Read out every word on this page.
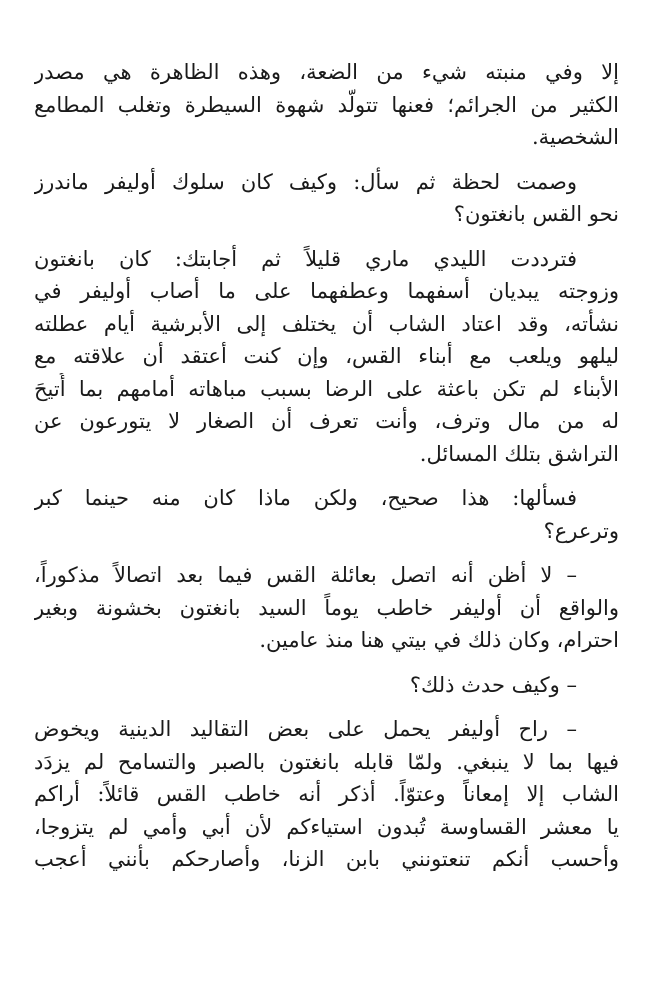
إلا وفي منبته شيء من الضعة، وهذه الظاهرة هي مصدر
الكثير من الجرائم؛ فعنها تتولّد شهوة السيطرة وتغلب المطامع
الشخصية.
وصمت لحظة ثم سأل: وكيف كان سلوك أوليفر ماندرز
نحو القس بانغتون؟
فترددت الليدي ماري قليلاً ثم أجابتك: كان بانغتون
وزوجته يبديان أسفهما وعطفهما على ما أصاب أوليفر في
نشأته، وقد اعتاد الشاب أن يختلف إلى الأبرشية أيام عطلته
ليلهو ويلعب مع أبناء القس، وإن كنت أعتقد أن علاقته مع
الأبناء لم تكن باعثة على الرضا بسبب مباهاته أمامهم بما أُتيحَ
له من مال وترف، وأنت تعرف أن الصغار لا يتورعون عن
التراشق بتلك المسائل.
فسألها: هذا صحيح، ولكن ماذا كان منه حينما كبر
وترعرع؟
– لا أظن أنه اتصل بعائلة القس فيما بعد اتصالاً مذكوراً،
والواقع أن أوليفر خاطب يوماً السيد بانغتون بخشونة وبغير
احترام، وكان ذلك في بيتي هنا منذ عامين.
– وكيف حدث ذلك؟
– راح أوليفر يحمل على بعض التقاليد الدينية ويخوض
فيها بما لا ينبغي. ولمّا قابله بانغتون بالصبر والتسامح لم يزدَد
الشاب إلا إمعاناً وعتوّاً. أذكر أنه خاطب القس قائلاً: أراكم
يا معشر القساوسة تُبدون استياءكم لأن أبي وأمي لم يتزوجا،
وأحسب أنكم تنعتونني بابن الزنا، وأصارحكم بأنني أعجب
